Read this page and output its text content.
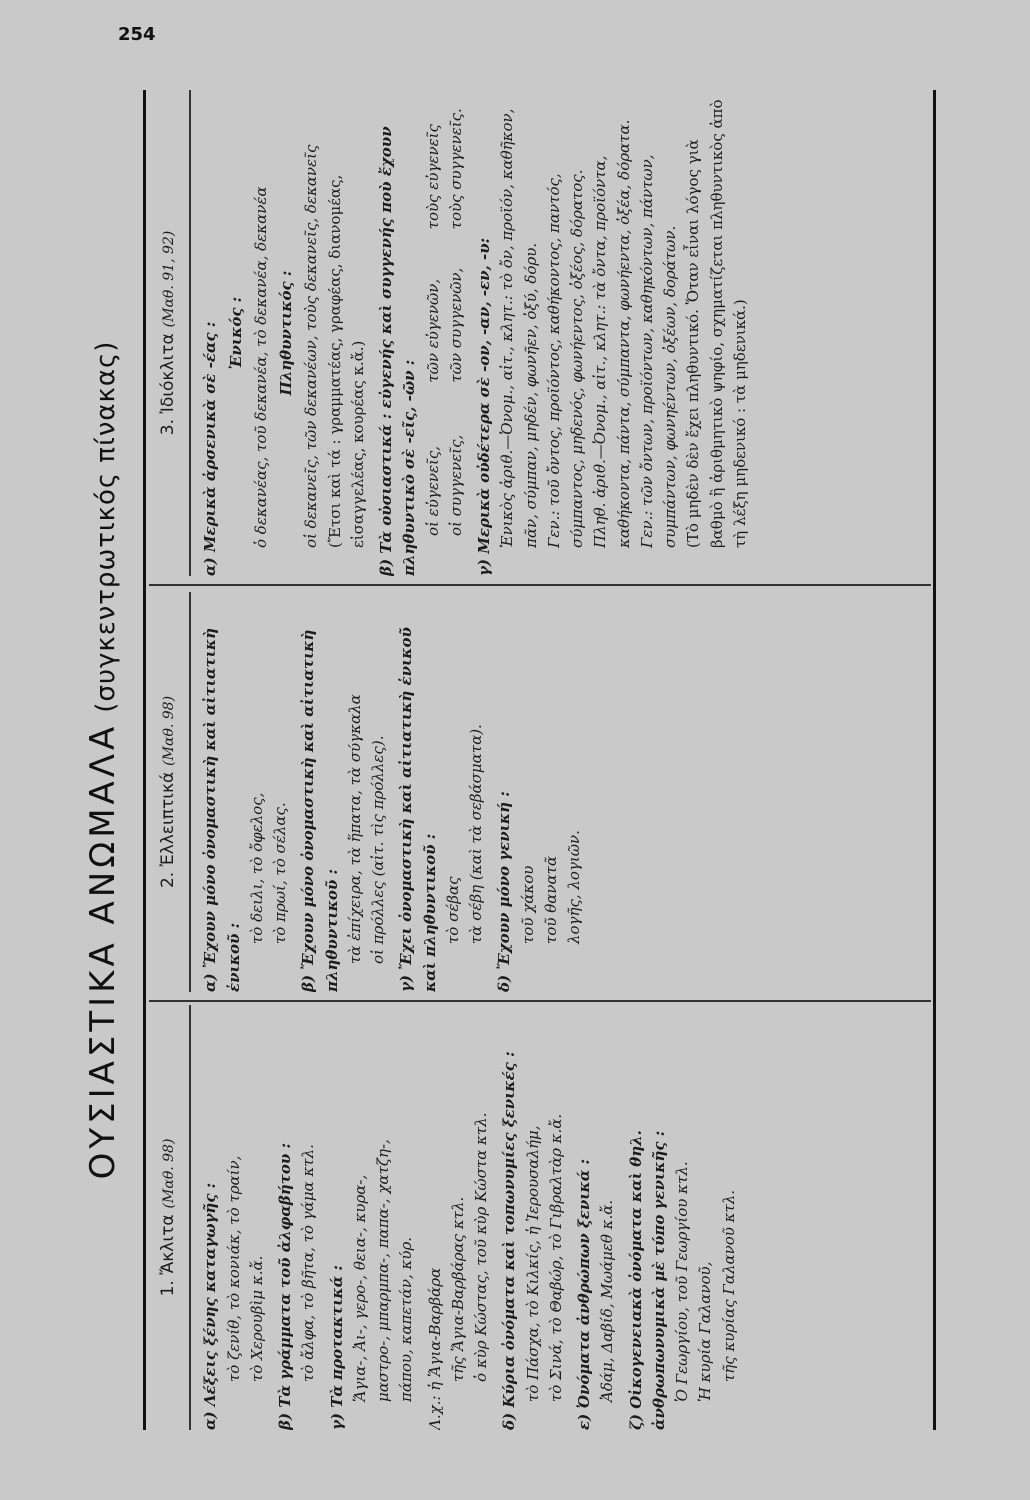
254
ΟΥΣΙΑΣΤΙΚΑ ΑΝΩΜΑΛΑ(συγκεντρωτικός πίνακας)
1. Ἄκλιτα(Μαθ. 98)

α) Λέξεις ξένης καταγωγῆς : τὸ ζενίθ, τὸ κονιάκ, τὸ τραίν, τὸ Χερουβὶμ κ.ἄ. β) Τὰ γράμματα τοῦ ἀλφαβήτου : τὸ ἄλφα, τὸ βῆτα, τὸ γάμα κτλ. γ) Τὰ προτακτικά : Ἅγια-, Ἀι-, γερο-, θεια-, κυρα-, μαστρο-, μπαρμπα-, παπα-, χατζη-, πάπου, καπετάν, κύρ. Λ.χ.: ἡ Ἅγια-Βαρβάρα τῆς Ἅγια-Βαρβάρας κτλ. ὁ κὺρ Κώστας, τοῦ κὺρ Κώστα κτλ. δ) Κύρια ὀνόματα καὶ τοπωνυμίες ξενικές : τὸ Πάσχα, τὸ Κιλκίς, ἡ Ἱερουσαλήμ, τὸ Σινά, τὸ Θαβώρ, τὸ Γιβραλτὰρ κ.ἄ. ε) Ὀνόματα ἀνθρώπων ξενικά : Ἀδάμ, Δαβίδ, Μωάμεθ κ.ἄ. ζ) Οἰκογενειακὰ ὀνόματα καὶ θηλ. ἀνθρωπωνυμικὰ μὲ τύπο γενικῆς : Ὁ Γεωργίου, τοῦ Γεωργίου κτλ. Ἡ κυρία Γαλανοῦ, τῆς κυρίας Γαλανοῦ κτλ.

2. Ἐλλειπτικά(Μαθ. 98)	α) Ἔχουν μόνο ὀνομαστικὴ καὶ αἰτιατικὴ ἑνικοῦ :

τὸ δειλι, τὸ ὄφελος, τὸ πρωί, τὸ σέλας. β) Ἔχουν μόνο ὀνομαστικὴ καὶ αἰτιατικὴ πληθυντικοῦ : τὰ ἐπίχειρα, τὰ ἥπατα, τὰ σύγκαλα οἱ πρόλλες (αἰτ. τὶς πρόλλες). γ) Ἔχει ὀνομαστικὴ καὶ αἰτιατικὴ ἑνικοῦ καὶ πληθυντικοῦ : τὸ σέβας τὰ σέβη (καὶ τὰ σεβάσματα). δ) Ἔχουν μόνο γενική : τοῦ χάκου τοῦ θανατᾶ λογῆς, λογιῶν.

3. Ἰδιόκλιτα(Μαθ. 91, 92)

α) Μερικὰ ἀρσενικὰ σὲ -έας : Ἑνικός : ὁ δεκανέας, τοῦ δεκανέα, τὸ δεκανέα, δεκανέα Πληθυντικός : οἱ δεκανεῖς, τῶν δεκανέων, τοὺς δεκανεῖς, δεκανεῖς (Ἔτσι καὶ τά : γραμματέας, γραφέας, διανομέας, εἰσαγγελέας, κουρέας κ.ἄ.) β) Τὰ οὐσιαστικά : εὐγενής καὶ συγγενής ποὺ ἔχουν πληθυντικὸ σὲ -εῖς, -ῶν : οἱ εὐγενεῖς,
τῶν εὐγενῶν,
τοὺς εὐγενεῖς
οἱ συγγενεῖς,
τῶν συγγενῶν,
τοὺς συγγενεῖς.

γ) Μερικὰ οὐδέτερα σὲ -ον, -αν, -εν, -υ: Ἑνικὸς ἀριθ.—Ὀνομ., αἰτ., κλητ.: τὸ ὄν, προϊόν, καθῆκον, πᾶν, σύμπαν, μηδέν, φωνῆεν, ὀξύ, δόρυ. Γεν.: τοῦ ὄντος, προϊόντος, καθήκοντος, παντός, σύμπαντος, μηδενός, φωνήεντος, ὀξέος, δόρατος. Πληθ. ἀριθ.—Ὀνομ., αἰτ., κλητ.: τὰ ὄντα, προϊόντα, καθήκοντα, πάντα, σύμπαντα, φωνήεντα, ὀξέα, δόρατα. Γεν.: τῶν ὄντων, προϊόντων, καθηκόντων, πάντων, συμπάντων, φωνηέντων, ὀξέων, δοράτων. (Τὸ μηδὲν δὲν ἔχει πληθυντικό. Ὅταν εἶναι λόγος γιὰ βαθμὸ ἢ ἀριθμητικὸ ψηφίο, σχηματίζεται πληθυντικὸς ἀπὸ τὴ λέξη μηδενικό : τὰ μηδενικά.)
